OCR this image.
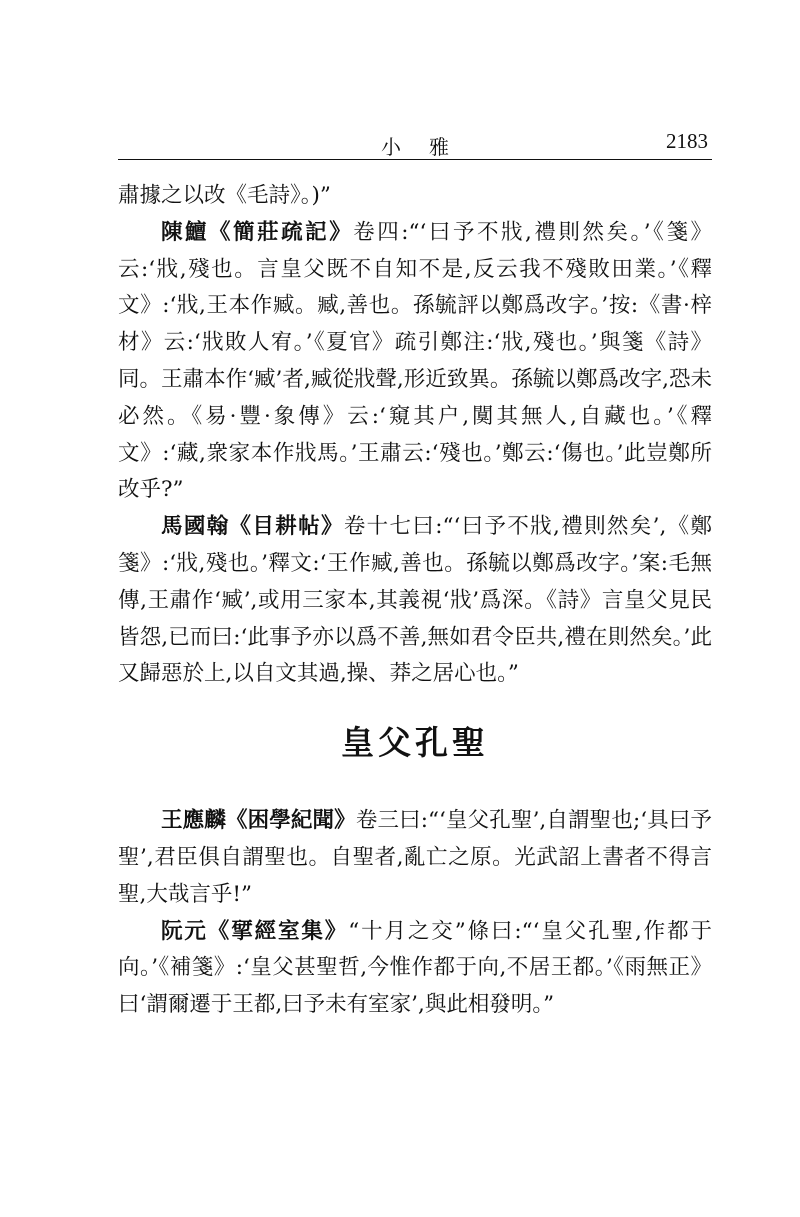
小雅	2183

肅據之以改《毛詩》。)”

陳鱣《簡莊疏記》卷四:“‘曰予不戕,禮則然矣。’《箋》云:‘戕,殘也。言皇父既不自知不是,反云我不殘敗田業。’《釋文》:‘戕,王本作臧。臧,善也。孫毓評以鄭爲改字。’按:《書·梓材》云:‘戕敗人宥。’《夏官》疏引鄭注:‘戕,殘也。’與箋《詩》同。王肅本作‘臧’者,臧從戕聲,形近致異。孫毓以鄭爲改字,恐未必然。《易·豐·象傳》云:‘窺其户,闃其無人,自藏也。’《釋文》:‘藏,衆家本作戕馬。’王肅云:‘殘也。’鄭云:‘傷也。’此豈鄭所改乎?”

馬國翰《目耕帖》卷十七曰:“‘曰予不戕,禮則然矣’,《鄭箋》:‘戕,殘也。’釋文:‘王作臧,善也。孫毓以鄭爲改字。’案:毛無傳,王肅作‘臧’,或用三家本,其義視‘戕’爲深。《詩》言皇父見民皆怨,已而曰:‘此事予亦以爲不善,無如君令臣共,禮在則然矣。’此又歸惡於上,以自文其過,操、莽之居心也。”

皇父孔聖

王應麟《困學紀聞》卷三曰:“‘皇父孔聖’,自謂聖也;‘具曰予聖’,君臣俱自謂聖也。自聖者,亂亡之原。光武詔上書者不得言聖,大哉言乎!”

阮元《揅經室集》“十月之交”條曰:“‘皇父孔聖,作都于向。’《補箋》:‘皇父甚聖哲,今惟作都于向,不居王都。’《雨無正》曰‘謂爾遷于王都,曰予未有室家’,與此相發明。”
